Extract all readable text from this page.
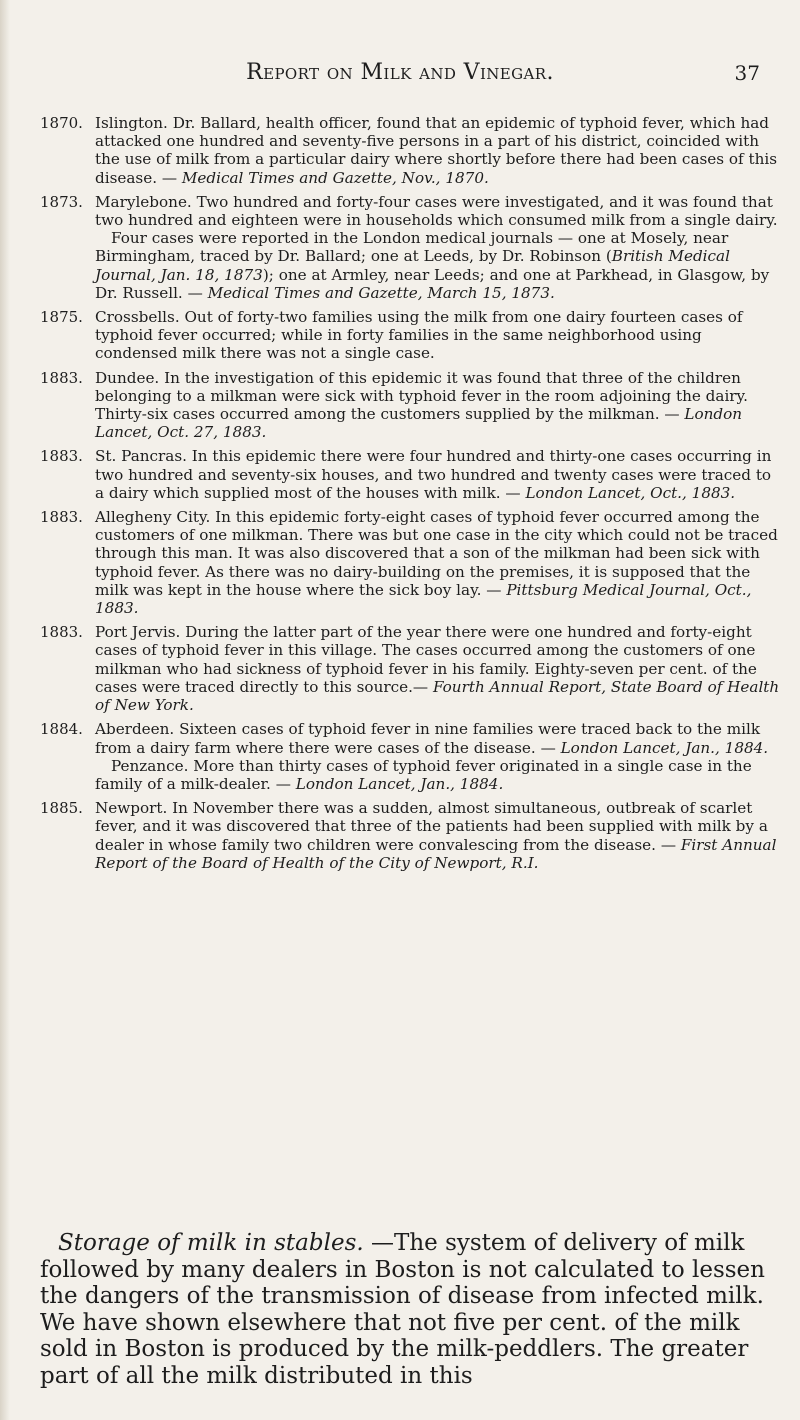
Report on Milk and Vinegar.	37
1870. Islington. Dr. Ballard, health officer, found that an epidemic of typhoid fever, which had attacked one hundred and seventy-five persons in a part of his district, coincided with the use of milk from a particular dairy where shortly before there had been cases of this disease. — Medical Times and Gazette, Nov., 1870.

1873. Marylebone. Two hundred and forty-four cases were investigated, and it was found that two hundred and eighteen were in households which consumed milk from a single dairy.

Four cases were reported in the London medical journals — one at Mosely, near Birmingham, traced by Dr. Ballard; one at Leeds, by Dr. Robinson (British Medical Journal, Jan. 18, 1873); one at Armley, near Leeds; and one at Parkhead, in Glasgow, by Dr. Russell. — Medical Times and Gazette, March 15, 1873.

1875. Crossbells. Out of forty-two families using the milk from one dairy fourteen cases of typhoid fever occurred; while in forty families in the same neighborhood using condensed milk there was not a single case.

1883. Dundee. In the investigation of this epidemic it was found that three of the children belonging to a milkman were sick with typhoid fever in the room adjoining the dairy. Thirty-six cases occurred among the customers supplied by the milkman. — London Lancet, Oct. 27, 1883.

1883. St. Pancras. In this epidemic there were four hundred and thirty-one cases occurring in two hundred and seventy-six houses, and two hundred and twenty cases were traced to a dairy which supplied most of the houses with milk. — London Lancet, Oct., 1883.

1883. Allegheny City. In this epidemic forty-eight cases of typhoid fever occurred among the customers of one milkman. There was but one case in the city which could not be traced through this man. It was also discovered that a son of the milkman had been sick with typhoid fever. As there was no dairy-building on the premises, it is supposed that the milk was kept in the house where the sick boy lay. — Pittsburg Medical Journal, Oct., 1883.

1883. Port Jervis. During the latter part of the year there were one hundred and forty-eight cases of typhoid fever in this village. The cases occurred among the customers of one milkman who had sickness of typhoid fever in his family. Eighty-seven per cent. of the cases were traced directly to this source.— Fourth Annual Report, State Board of Health of New York.

1884. Aberdeen. Sixteen cases of typhoid fever in nine families were traced back to the milk from a dairy farm where there were cases of the disease. — London Lancet, Jan., 1884.

Penzance. More than thirty cases of typhoid fever originated in a single case in the family of a milk-dealer. — London Lancet, Jan., 1884.

1885. Newport. In November there was a sudden, almost simultaneous, outbreak of scarlet fever, and it was discovered that three of the patients had been supplied with milk by a dealer in whose family two children were convalescing from the disease. — First Annual Report of the Board of Health of the City of Newport, R.I.

Storage of milk in stables. —The system of delivery of milk followed by many dealers in Boston is not calculated to lessen the dangers of the transmission of disease from infected milk. We have shown elsewhere that not five per cent. of the milk sold in Boston is produced by the milk-peddlers. The greater part of all the milk distributed in this
